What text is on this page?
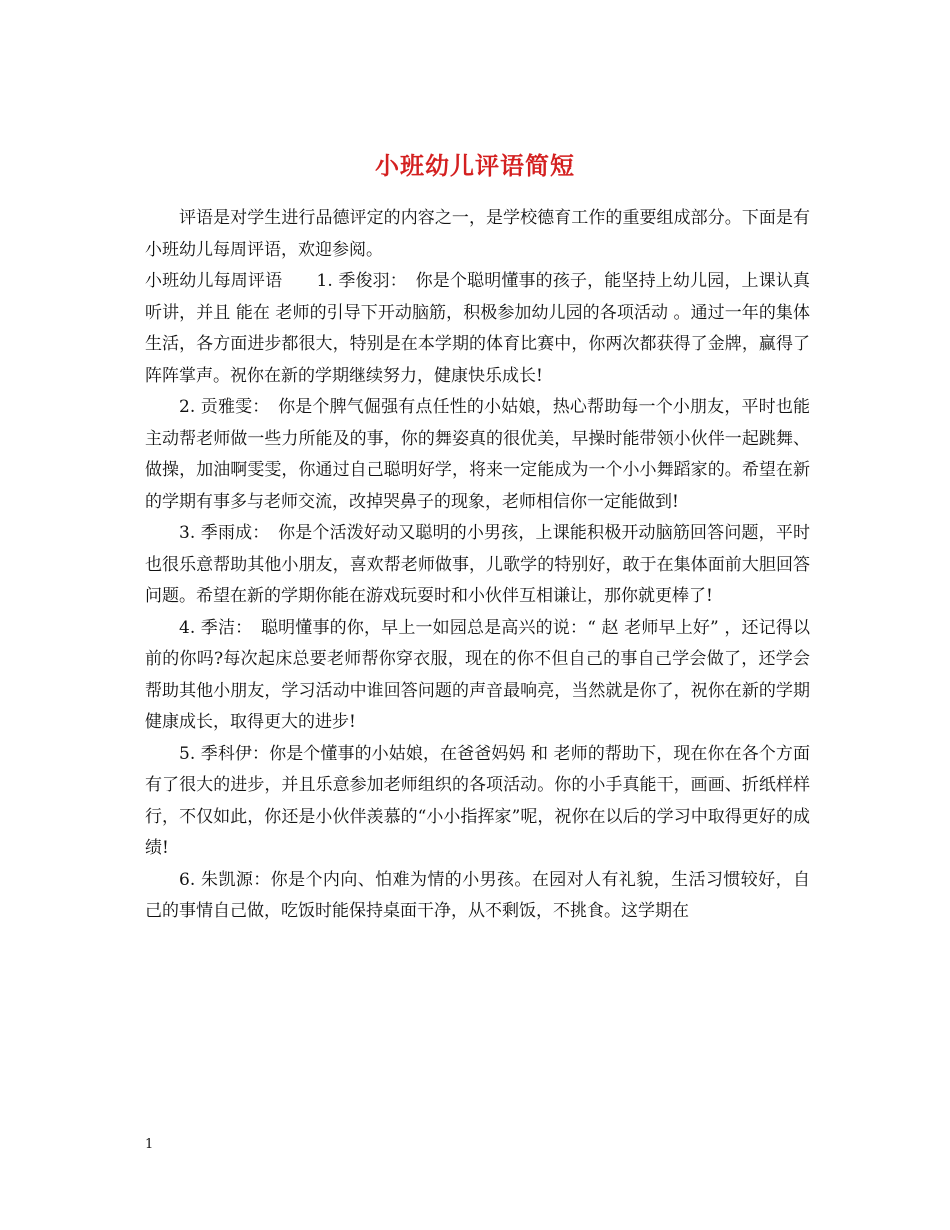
小班幼儿评语简短

评语是对学生进行品德评定的内容之一，是学校德育工作的重要组成部分。下面是有小班幼儿每周评语，欢迎参阅。

小班幼儿每周评语　　1. 季俊羽：　你是个聪明懂事的孩子，能坚持上幼儿园，上课认真听讲，并且 能在 老师的引导下开动脑筋，积极参加幼儿园的各项活动 。通过一年的集体生活，各方面进步都很大，特别是在本学期的体育比赛中，你两次都获得了金牌，赢得了阵阵掌声。祝你在新的学期继续努力，健康快乐成长!

2. 贡雅雯：　你是个脾气倔强有点任性的小姑娘，热心帮助每一个小朋友，平时也能主动帮老师做一些力所能及的事，你的舞姿真的很优美，早操时能带领小伙伴一起跳舞、做操，加油啊雯雯，你通过自己聪明好学，将来一定能成为一个小小舞蹈家的。希望在新的学期有事多与老师交流，改掉哭鼻子的现象，老师相信你一定能做到!

3. 季雨成：　你是个活泼好动又聪明的小男孩，上课能积极开动脑筋回答问题，平时也很乐意帮助其他小朋友，喜欢帮老师做事，儿歌学的特别好，敢于在集体面前大胆回答问题。希望在新的学期你能在游戏玩耍时和小伙伴互相谦让，那你就更棒了!

4. 季洁：　聪明懂事的你，早上一如园总是高兴的说：“ 赵 老师早上好” ，还记得以前的你吗?每次起床总要老师帮你穿衣服，现在的你不但自己的事自己学会做了，还学会帮助其他小朋友，学习活动中谁回答问题的声音最响亮，当然就是你了，祝你在新的学期健康成长，取得更大的进步!

5. 季科伊：你是个懂事的小姑娘，在爸爸妈妈 和 老师的帮助下，现在你在各个方面有了很大的进步，并且乐意参加老师组织的各项活动。你的小手真能干，画画、折纸样样行，不仅如此，你还是小伙伴羡慕的“小小指挥家”呢，祝你在以后的学习中取得更好的成绩!

6. 朱凯源：你是个内向、怕难为情的小男孩。在园对人有礼貌，生活习惯较好，自己的事情自己做，吃饭时能保持桌面干净，从不剩饭，不挑食。这学期在

1
